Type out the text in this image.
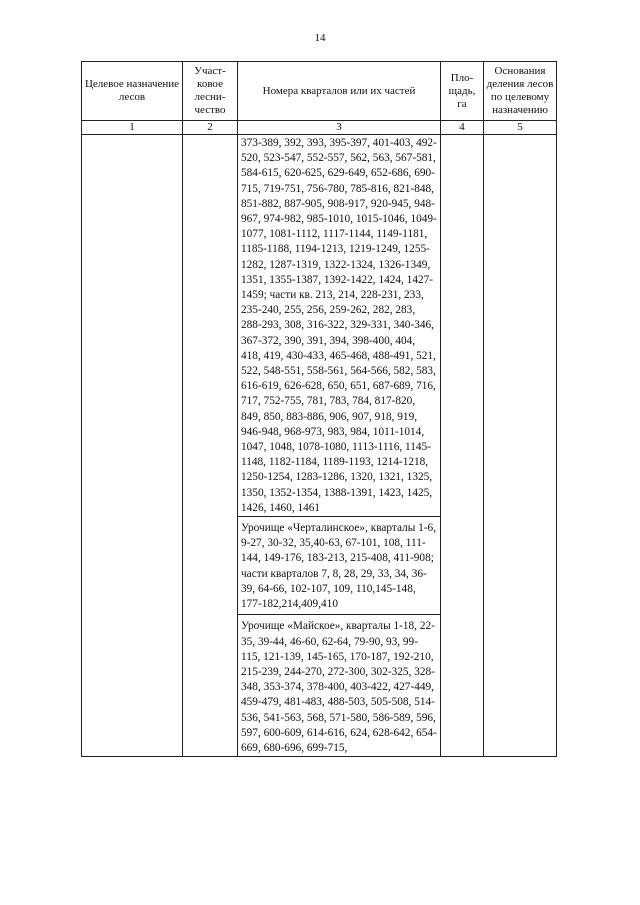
14
Целевое назначение лесов	Участ-ковое лесни-чество	Номера кварталов или их частей	Пло-щадь, га	Основания деления лесов по целевому назначению
1	2	3	4	5

		373-389, 392, 393, 395-397, 401-403, 492-520, 523-547, 552-557, 562, 563, 567-581, 584-615, 620-625, 629-649, 652-686, 690-715, 719-751, 756-780, 785-816, 821-848, 851-882, 887-905, 908-917, 920-945, 948-967, 974-982, 985-1010, 1015-1046, 1049-1077, 1081-1112, 1117-1144, 1149-1181, 1185-1188, 1194-1213, 1219-1249, 1255-1282, 1287-1319, 1322-1324, 1326-1349, 1351, 1355-1387, 1392-1422, 1424, 1427-1459; части кв. 213, 214, 228-231, 233, 235-240, 255, 256, 259-262, 282, 283, 288-293, 308, 316-322, 329-331, 340-346, 367-372, 390, 391, 394, 398-400, 404, 418, 419, 430-433, 465-468, 488-491, 521, 522, 548-551, 558-561, 564-566, 582, 583, 616-619, 626-628, 650, 651, 687-689, 716, 717, 752-755, 781, 783, 784, 817-820, 849, 850, 883-886, 906, 907, 918, 919, 946-948, 968-973, 983, 984, 1011-1014, 1047, 1048, 1078-1080, 1113-1116, 1145-1148, 1182-1184, 1189-1193, 1214-1218, 1250-1254, 1283-1286, 1320, 1321, 1325, 1350, 1352-1354, 1388-1391, 1423, 1425, 1426, 1460, 1461		

		Урочище «Черталинское», кварталы 1-6, 9-27, 30-32, 35,40-63, 67-101, 108, 111-144, 149-176, 183-213, 215-408, 411-908; части кварталов 7, 8, 28, 29, 33, 34, 36-39, 64-66, 102-107, 109, 110,145-148, 177-182,214,409,410		

		Урочище «Майское», кварталы 1-18, 22-35, 39-44, 46-60, 62-64, 79-90, 93, 99-115, 121-139, 145-165, 170-187, 192-210, 215-239, 244-270, 272-300, 302-325, 328-348, 353-374, 378-400, 403-422, 427-449, 459-479, 481-483, 488-503, 505-508, 514-536, 541-563, 568, 571-580, 586-589, 596, 597, 600-609, 614-616, 624, 628-642, 654-669, 680-696, 699-715,		
